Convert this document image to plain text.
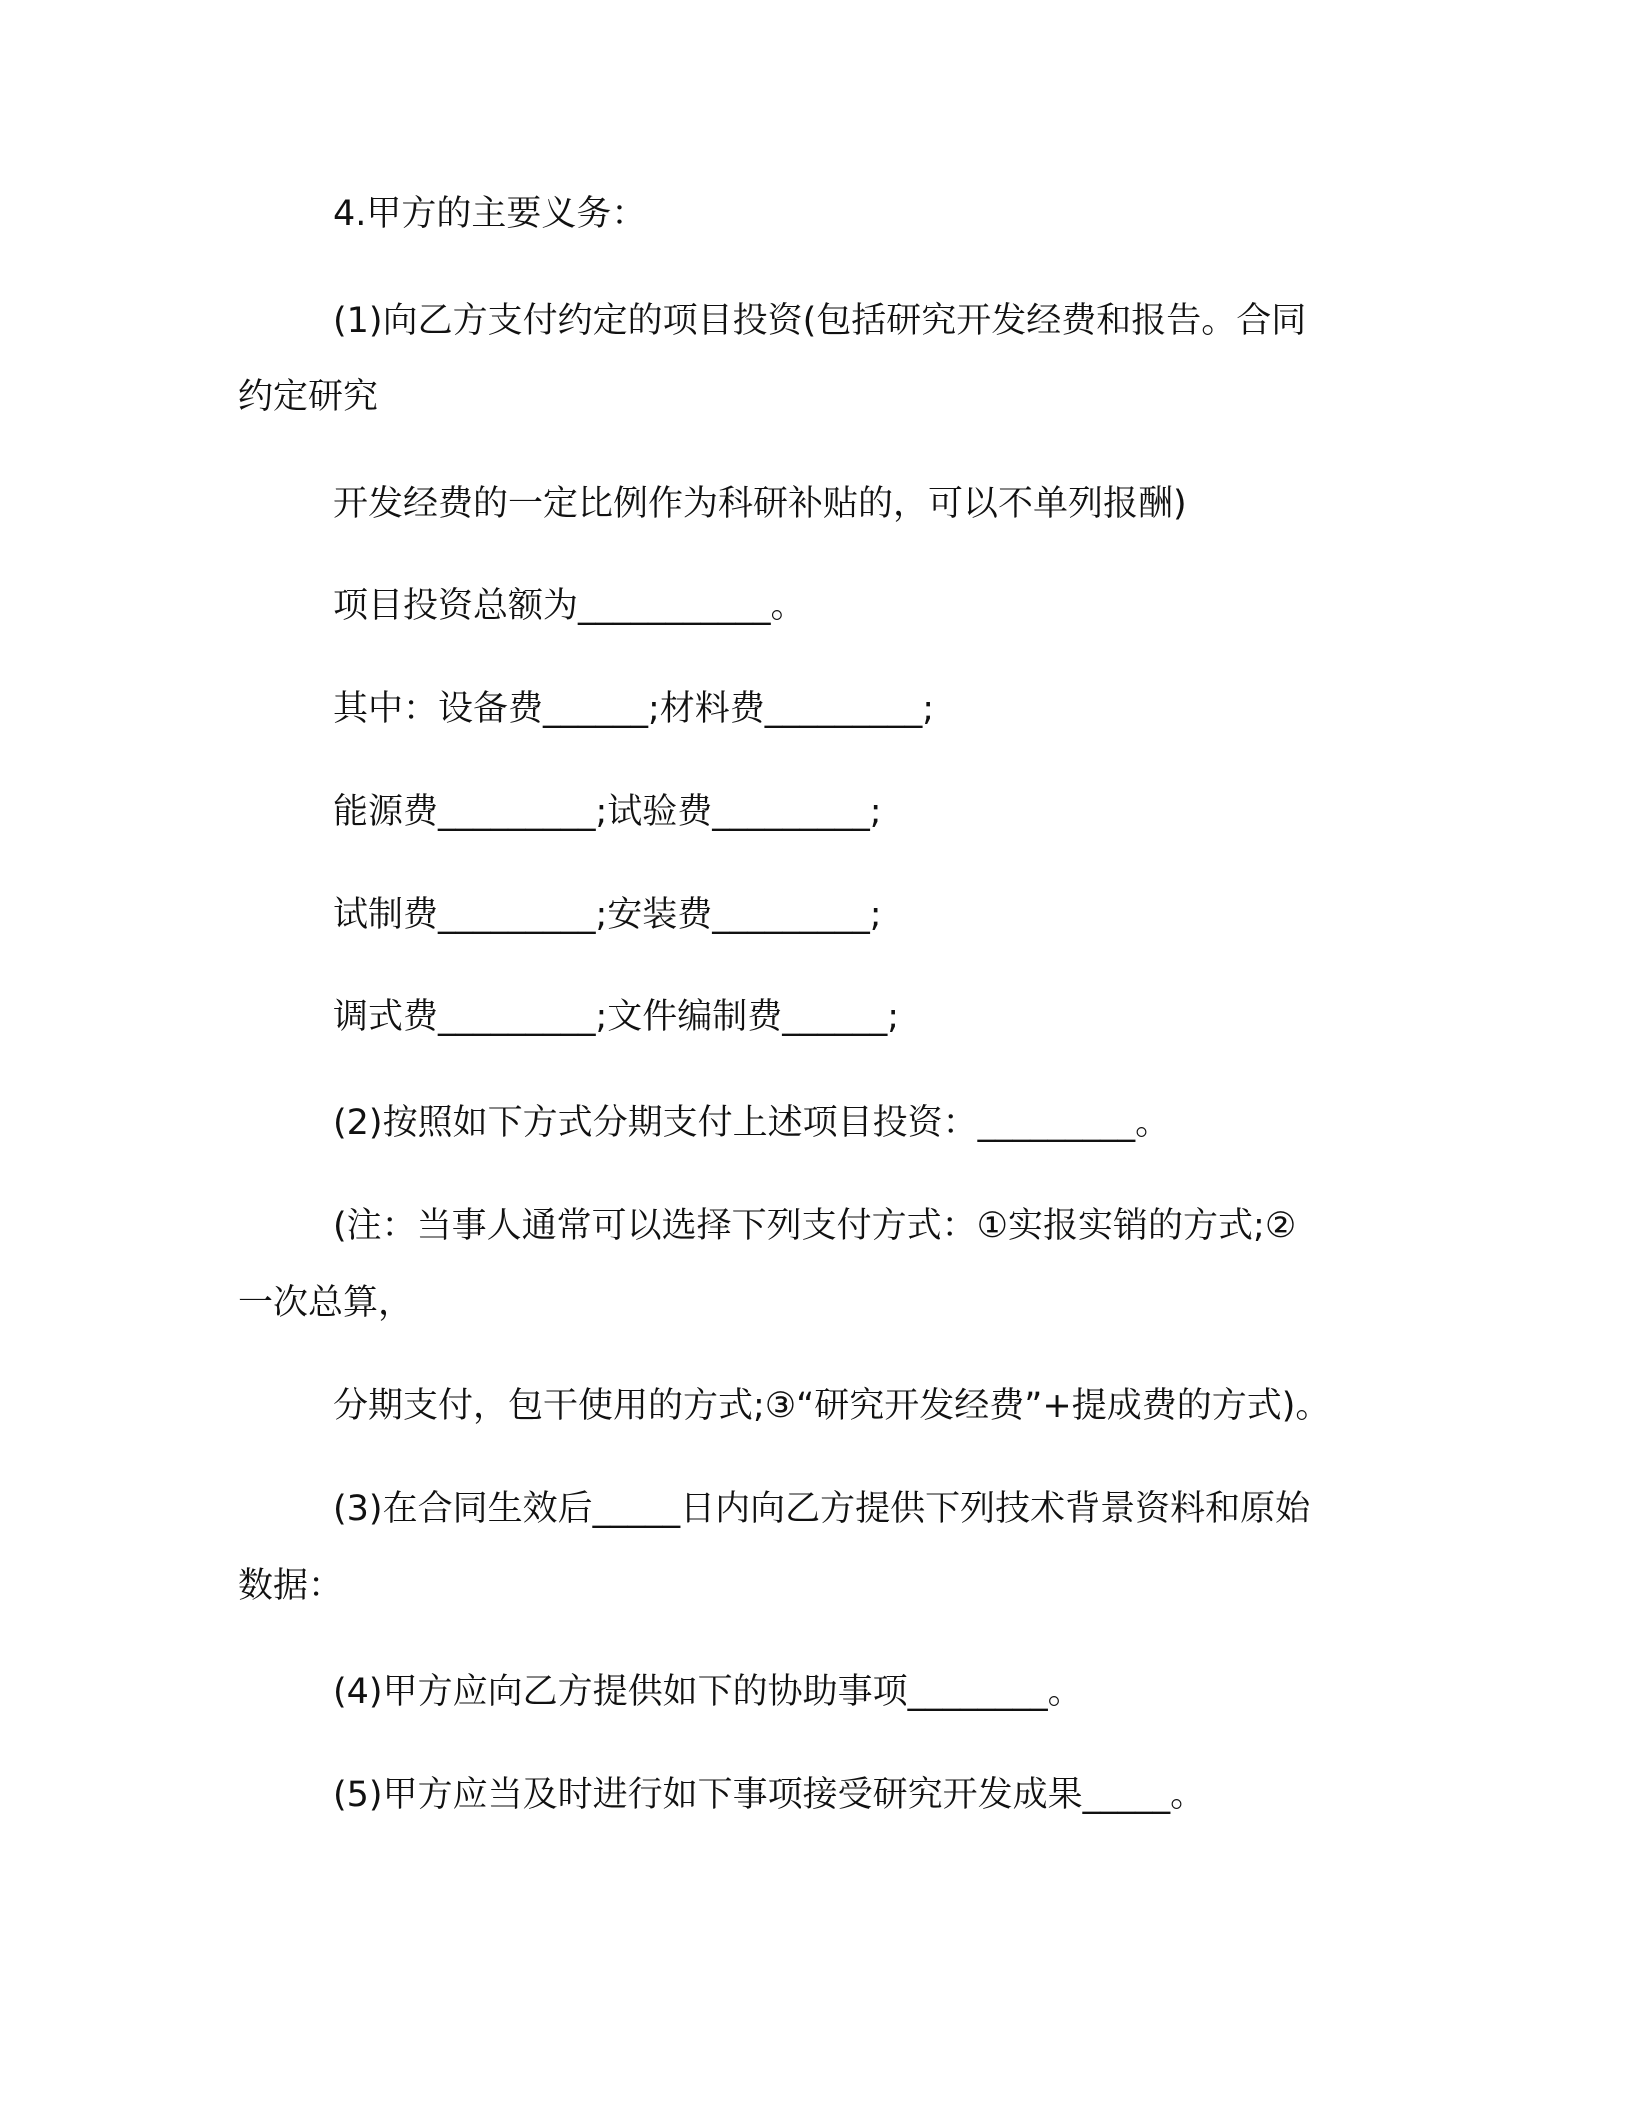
4.甲方的主要义务：
(1)向乙方支付约定的项目投资(包括研究开发经费和报告。合同
约定研究
开发经费的一定比例作为科研补贴的，可以不单列报酬)
项目投资总额为___________。
其中：设备费______;材料费_________;
能源费_________;试验费_________;
试制费_________;安装费_________;
调式费_________;文件编制费______;
(2)按照如下方式分期支付上述项目投资：_________。
(注：当事人通常可以选择下列支付方式：①实报实销的方式;②
一次总算，
分期支付，包干使用的方式;③“研究开发经费”+提成费的方式)。
(3)在合同生效后_____日内向乙方提供下列技术背景资料和原始
数据：
(4)甲方应向乙方提供如下的协助事项________。
(5)甲方应当及时进行如下事项接受研究开发成果_____。
